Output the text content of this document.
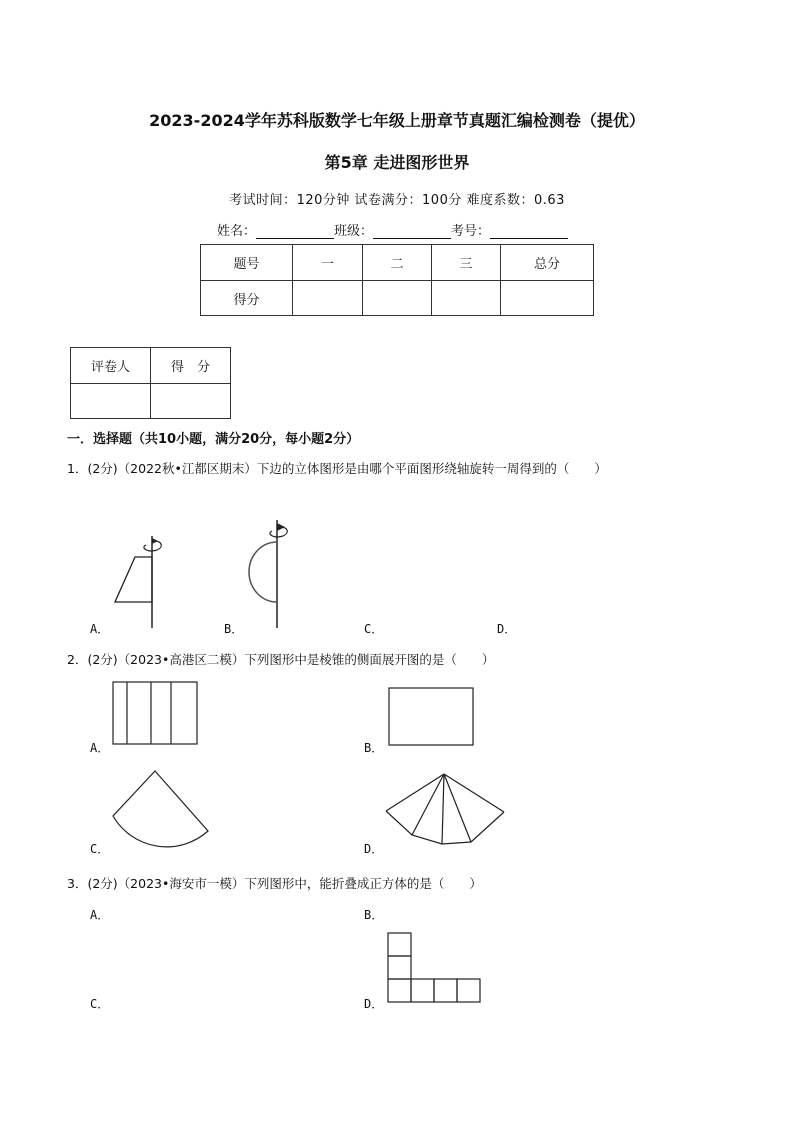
2023-2024学年苏科版数学七年级上册章节真题汇编检测卷（提优）
第5章 走进图形世界
考试时间：120分钟 试卷满分：100分 难度系数：0.63
姓名：	班级：	考号：
题号	一	二	三	总分
得分				
评卷人	得　分

一．选择题（共10小题，满分20分，每小题2分）
1．(2分)（2022秋•江都区期末）下边的立体图形是由哪个平面图形绕轴旋转一周得到的（　　）
A．	B．	C．	D．
2．(2分)（2023•高港区二模）下列图形中是棱锥的侧面展开图的是（　　）
A．	B．
C．	D．
3．(2分)（2023•海安市一模）下列图形中，能折叠成正方体的是（　　）
A．	B．
C．	D．
